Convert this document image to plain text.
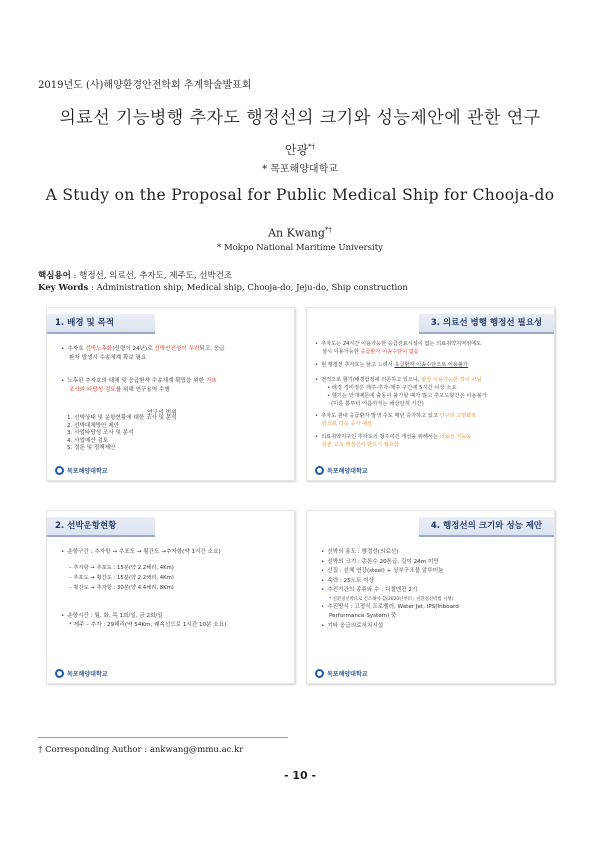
2019년도 (사)해양환경안전학회 추계학술발표회
의료선 기능병행 추자도 행정선의 크기와 성능제안에 관한 연구
안광*†
* 목포해양대학교
A Study on the Proposal for Public Medical Ship for Chooja-do
An Kwang*†
* Mokpo National Maritime University
핵심용어 : 행정선, 의료선, 추자도, 제주도, 선박건조
Key Words : Administration ship, Medical ship, Chooja-do, Jeju-do, Ship construction
1. 배경 및 목적
• 추자호 선박노후화(선령이 24년)로 선박안전성이 우려되고, 응급
환자 발생시 수송체계 확보 필요
• 노후된 추자호의 대체 및 응급환자 수송체계 확립을 위한 기초
조사와 타당성 검토를 위해 연구용역 수행
연구의 범위
1. 선박상태 및 운항현황에 대한 조사 및 분석
2. 선박대체방안 제안
3. 사업타당성 조사 및 분석
4. 사업예산 검토
5. 결론 및 정책제안
목포해양대학교
3. 의료선 병행 행정선 필요성
• 추자도는 24시간 이용가능한 응급진료시설이 없는 의료취약지역임에도
상시 이용가능한 응급환자 이송수단이 없음
• 현 행정선 추자호는 낡고 느려서 응급환자 이송수단으로 이용불가
• 전적으로 헬기/해경함정에 의존하고 있으나, 항상 이용가능한 것이 아님
• 해경 경비정은 제주-추자-제주 구간에 5시간 이상 소요
• 헬기는 안개때문에 출동이 불가할 때가 많고 추포도왕간은 이용불가
(미륜 봄부터 여름까지는 해상안개 기간)
• 추자도 관내 응급환자 발생 수도 매년 증가하고 있고 인구의 고령화로
앞으로 더욱 증가 예상
• 의료취약지구인 추자도의 정주여건 개선을 위해서는 의료선 기능을
갖춘 고속 행정선이 반드시 필요함
목포해양대학교
2. 선박운항현황
• 운항구간 : 추자항 → 추포도 → 횡간도 →추자항(약 1시간 소요)
– 추자항 → 추포도 : 15분(약 2.2해리, 4Km)
– 추포도 → 횡간도 : 15분(약 2.2해리, 4Km)
– 횡간도 → 추자항 : 30분(약 4.4해리, 8Km)
• 운항시간 : 월, 화, 목 1회/일, 금 2회/일
* 제주 – 추자 : 29해리(약 54Km, 쾌속선으로 1시간 10분 소요)
목포해양대학교
4. 행정선의 크기와 성능 제안
• 선박의 용도 : 행정선(의료선)
• 선박의 크기 : 총톤수 20톤급, 길이 24m 미만
• 선질 : 선체 연강(steel) + 상부구조물 알루미늄
• 속력 : 25노트 이상
• 추진기관의 종류와 수 : 디젤엔진 2기
* 친환경선박으로 건조해야 함(2020년부터 : 친환경선박법 시행)
• 추진방식 : 고정식 프로펠러, Water Jet, IPS(Inboard
Performance System) 중
• 기타 응급의료처치시설
목포해양대학교
† Corresponding Author : ankwang@mmu.ac.kr
- 10 -
